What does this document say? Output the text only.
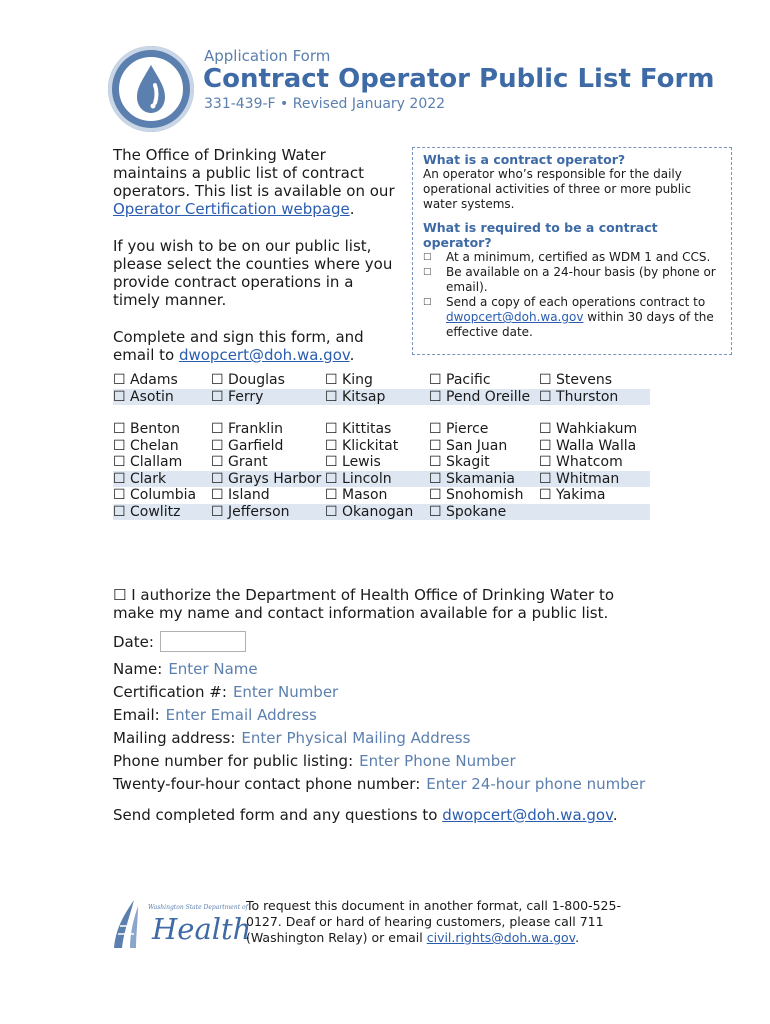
Application Form
Contract Operator Public List Form
331-439-F • Revised January 2022

The Office of Drinking Water maintains a public list of contract operators. This list is available on our Operator Certification webpage.

If you wish to be on our public list, please select the counties where you provide contract operations in a timely manner.

Complete and sign this form, and email to dwopcert@doh.wa.gov.

What is a contract operator?
An operator who’s responsible for the daily operational activities of three or more public water systems.
What is required to be a contract operator?
□ At a minimum, certified as WDM 1 and CCS.
□ Be available on a 24-hour basis (by phone or email).
□ Send a copy of each operations contract to dwopcert@doh.wa.gov within 30 days of the effective date.
☐ Adams	☐ Douglas	☐ King	☐ Pacific	☐ Stevens
☐ Asotin	☐ Ferry	☐ Kitsap	☐ Pend Oreille	☐ Thurston

☐ Benton	☐ Franklin	☐ Kittitas	☐ Pierce	☐ Wahkiakum
☐ Chelan	☐ Garfield	☐ Klickitat	☐ San Juan	☐ Walla Walla
☐ Clallam	☐ Grant	☐ Lewis	☐ Skagit	☐ Whatcom
☐ Clark	☐ Grays Harbor	☐ Lincoln	☐ Skamania	☐ Whitman
☐ Columbia	☐ Island	☐ Mason	☐ Snohomish	☐ Yakima
☐ Cowlitz	☐ Jefferson	☐ Okanogan	☐ Spokane	
☐ I authorize the Department of Health Office of Drinking Water to make my name and contact information available for a public list.
Date:
Name: Enter Name
Certification #: Enter Number
Email: Enter Email Address
Mailing address: Enter Physical Mailing Address
Phone number for public listing: Enter Phone Number
Twenty-four-hour contact phone number: Enter 24-hour phone number
Send completed form and any questions to dwopcert@doh.wa.gov.
Washington State Department of
Health
To request this document in another format, call 1-800-525-0127. Deaf or hard of hearing customers, please call 711 (Washington Relay) or email civil.rights@doh.wa.gov.
